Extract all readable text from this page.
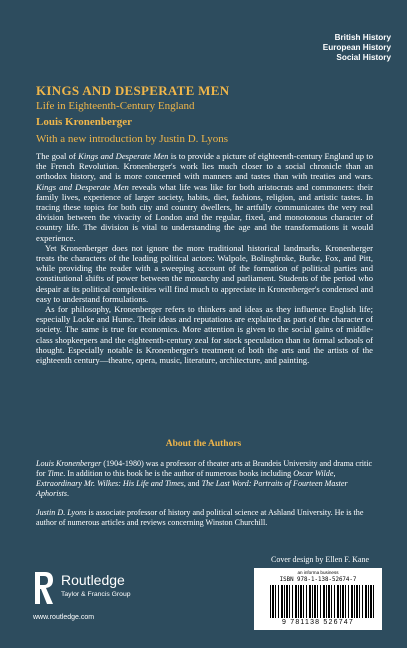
British History
European History
Social History
KINGS AND DESPERATE MEN
Life in Eighteenth-Century England
Louis Kronenberger
With a new introduction by Justin D. Lyons

The goal of Kings and Desperate Men is to provide a picture of eighteenth-century England up to the French Revolution. Kronenberger's work lies much closer to a social chronicle than an orthodox history, and is more concerned with manners and tastes than with treaties and wars. Kings and Desperate Men reveals what life was like for both aristocrats and commoners: their family lives, experience of larger society, habits, diet, fashions, religion, and artistic tastes. In tracing these topics for both city and country dwellers, he artfully communicates the very real division between the vivacity of London and the regular, fixed, and monotonous character of country life. The division is vital to understanding the age and the transformations it would experience.

Yet Kronenberger does not ignore the more traditional historical landmarks. Kronenberger treats the characters of the leading political actors: Walpole, Bolingbroke, Burke, Fox, and Pitt, while providing the reader with a sweeping account of the formation of political parties and constitutional shifts of power between the monarchy and parliament. Students of the period who despair at its political complexities will find much to appreciate in Kronenberger's condensed and easy to understand formulations.

As for philosophy, Kronenberger refers to thinkers and ideas as they influence English life; especially Locke and Hume. Their ideas and reputations are explained as part of the character of society. The same is true for economics. More attention is given to the social gains of middle-class shopkeepers and the eighteenth-century zeal for stock speculation than to formal schools of thought. Especially notable is Kronenberger's treatment of both the arts and the artists of the eighteenth century—theatre, opera, music, literature, architecture, and painting.

About the Authors

Louis Kronenberger (1904-1980) was a professor of theater arts at Brandeis University and drama critic for Time. In addition to this book he is the author of numerous books including Oscar Wilde, Extraordinary Mr. Wilkes: His Life and Times, and The Last Word: Portraits of Fourteen Master Aphorists.

Justin D. Lyons is associate professor of history and political science at Ashland University. He is the author of numerous articles and reviews concerning Winston Churchill.

Cover design by Ellen F. Kane
Routledge
Taylor & Francis Group
www.routledge.com
an informa business
ISBN 978-1-138-52674-7
9 781138 526747
